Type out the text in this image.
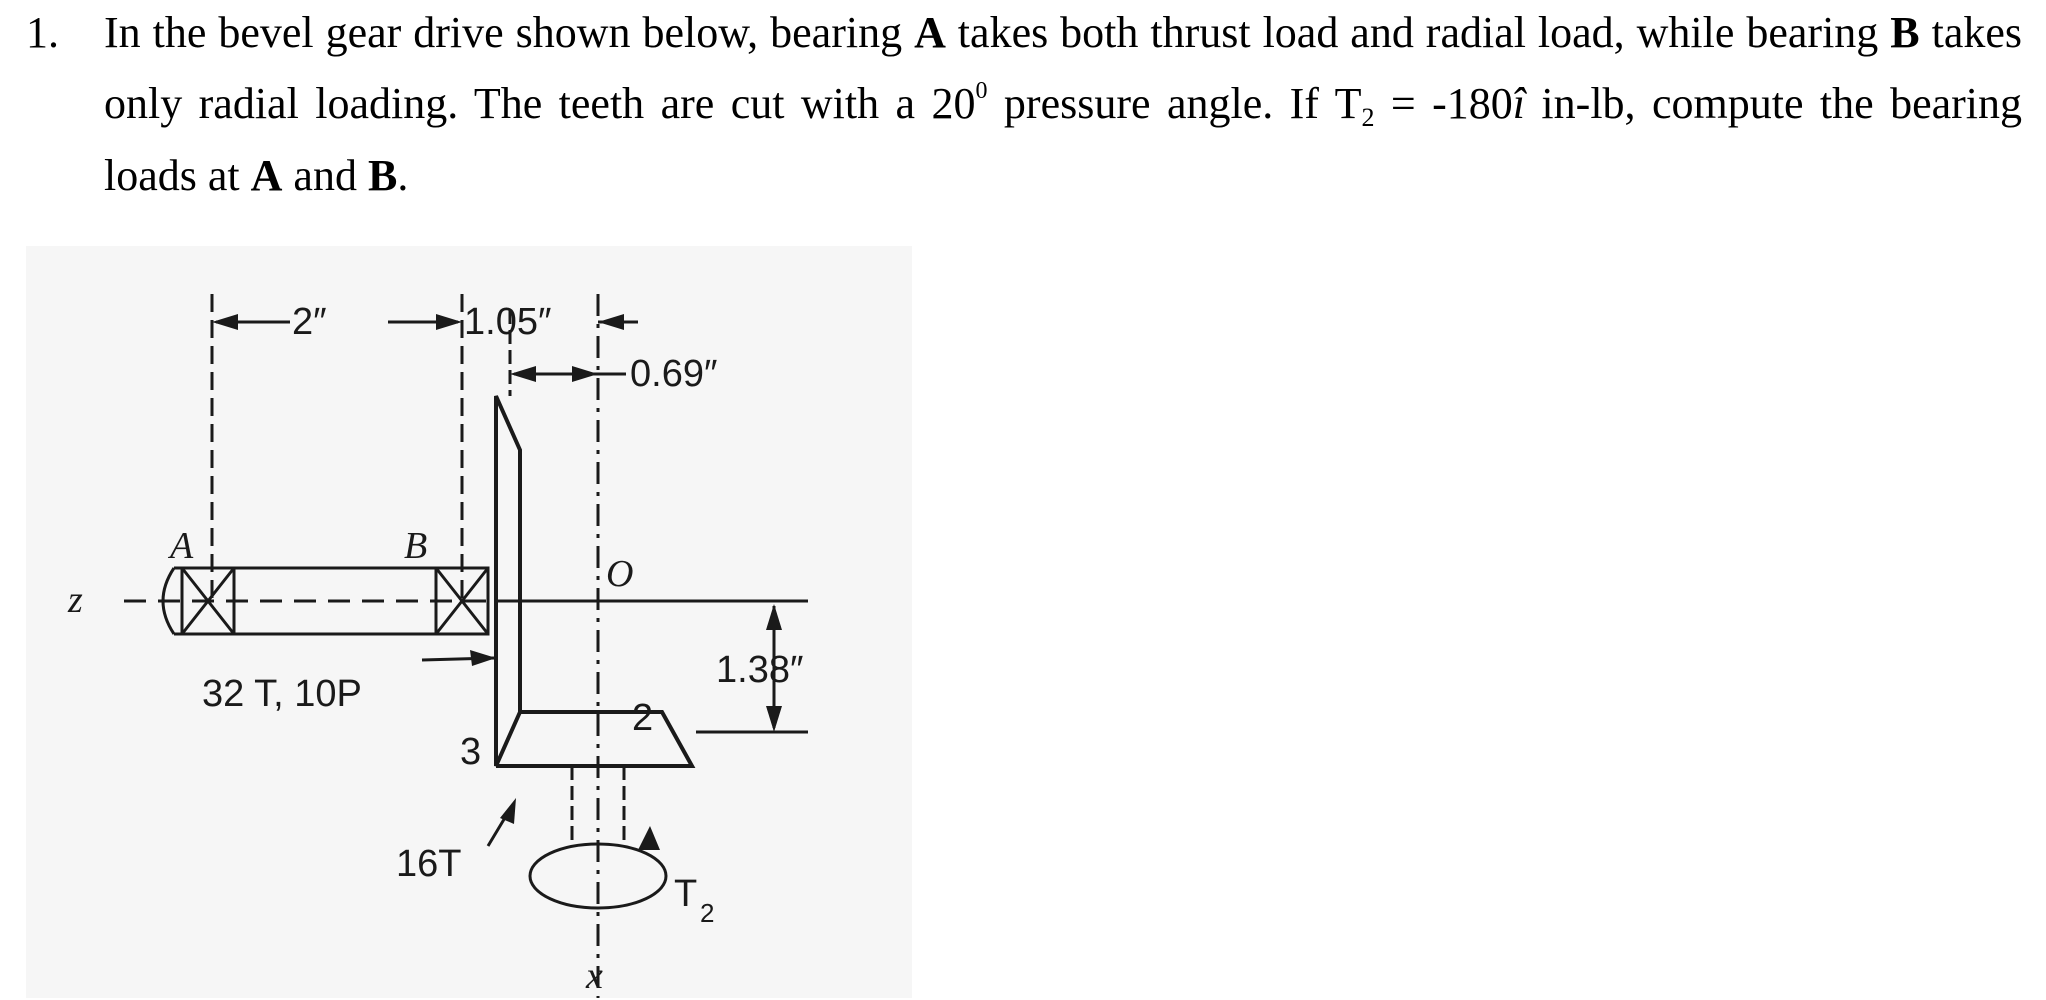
1. In the bevel gear drive shown below, bearing A takes both thrust load and radial load, while bearing B takes only radial loading. The teeth are cut with a $20^0$ pressure angle. If $T_2$ = -180î in-lb, compute the bearing loads at A and B.
2″	1.05″
0.69″
1.38″
A	B
O
z
x
32 T, 10P
16T
2
3
T 2
